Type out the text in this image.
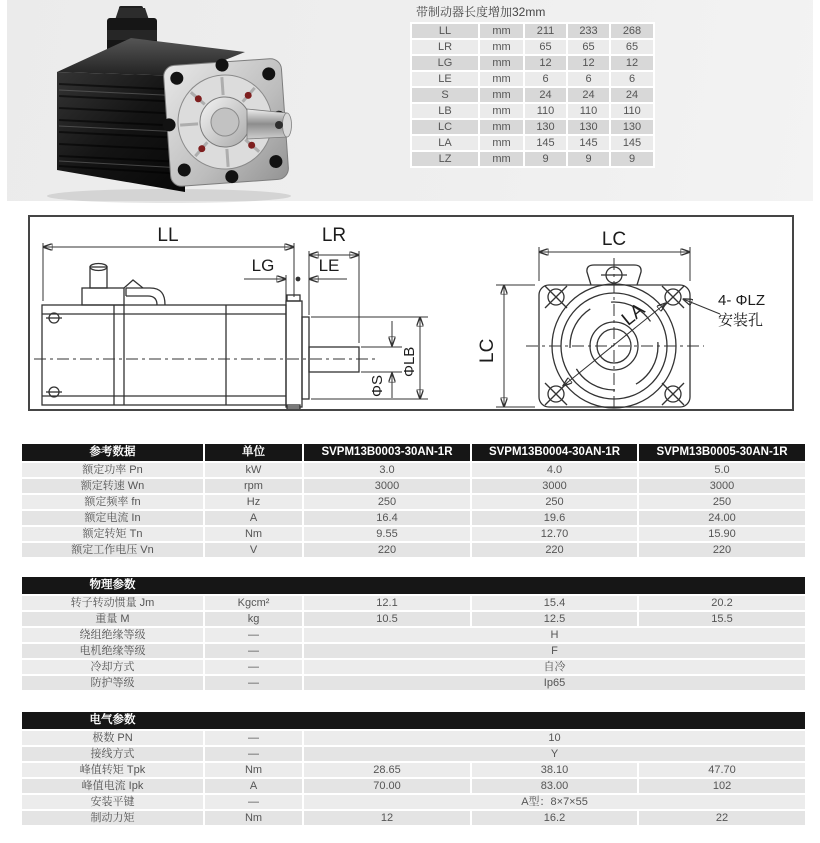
带制动器长度增加32mm
LL	mm	211	233	268
LR	mm	65	65	65
LG	mm	12	12	12
LE	mm	6	6	6
S	mm	24	24	24
LB	mm	110	110	110
LC	mm	130	130	130
LA	mm	145	145	145
LZ	mm	9	9	9
LL	LR
LG	LE
ΦS
ΦLB
LC
LC
LA	4- ΦLZ
安装孔
参考数据	单位	SVPM13B0003-30AN-1R	SVPM13B0004-30AN-1R	SVPM13B0005-30AN-1R
额定功率 Pn	kW	3.0	4.0	5.0
额定转速 Wn	rpm	3000	3000	3000
额定频率 fn	Hz	250	250	250
额定电流 In	A	16.4	19.6	24.00
额定转矩 Tn	Nm	9.55	12.70	15.90
额定工作电压 Vn	V	220	220	220
物理参数				
转子转动惯量 Jm	Kgcm²	12.1	15.4	20.2
重量 M	kg	10.5	12.5	15.5
绕组绝缘等级	—	H		
电机绝缘等级	—	F		
冷却方式	—	自冷		
防护等级	—	Ip65		
电气参数				
极数 PN	—	10		
接线方式	—	Y		
峰值转矩 Tpk	Nm	28.65	38.10	47.70
峰值电流 Ipk	A	70.00	83.00	102
安装平键	—	A型：8×7×55		
制动力矩	Nm	12	16.2	22
